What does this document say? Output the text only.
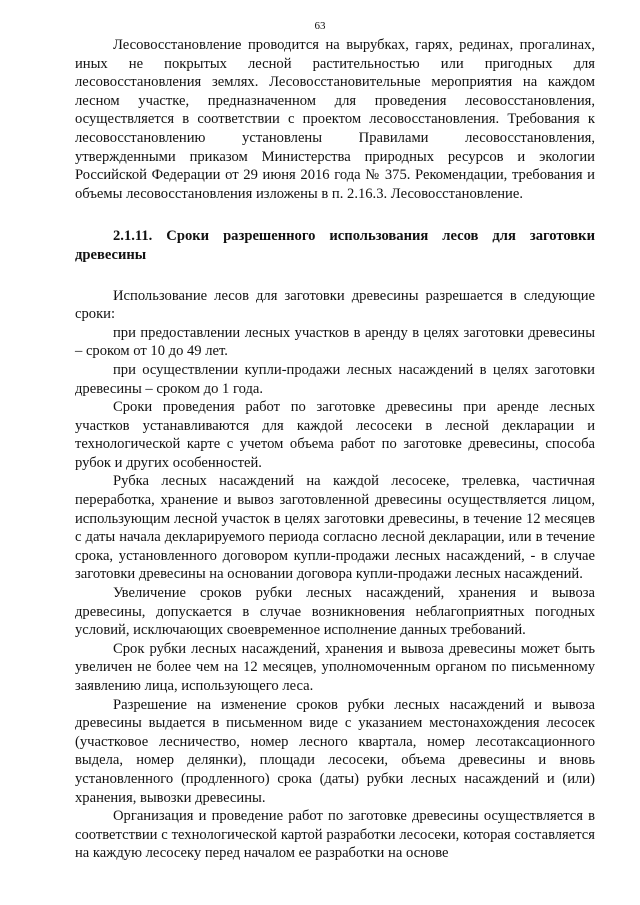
63

Лесовосстановление проводится на вырубках, гарях, рединах, прогалинах, иных не покрытых лесной растительностью или пригодных для лесовосстановления землях. Лесовосстановительные мероприятия на каждом лесном участке, предназначенном для проведения лесовосстановления, осуществляется в соответствии с проектом лесовосстановления. Требования к лесовосстановлению установлены Правилами лесовосстановления, утвержденными приказом Министерства природных ресурсов и экологии Российской Федерации от 29 июня 2016 года № 375. Рекомендации, требования и объемы лесовосстановления изложены в п. 2.16.3. Лесовосстановление.

2.1.11. Сроки разрешенного использования лесов для заготовки древесины

Использование лесов для заготовки древесины разрешается в следующие сроки:

при предоставлении лесных участков в аренду в целях заготовки древесины – сроком от 10 до 49 лет.

при осуществлении купли-продажи лесных насаждений в целях заготовки древесины – сроком до 1 года.

Сроки проведения работ по заготовке древесины при аренде лесных участков устанавливаются для каждой лесосеки в лесной декларации и технологической карте с учетом объема работ по заготовке древесины, способа рубок и других особенностей.

Рубка лесных насаждений на каждой лесосеке, трелевка, частичная переработка, хранение и вывоз заготовленной древесины осуществляется лицом, использующим лесной участок в целях заготовки древесины, в течение 12 месяцев с даты начала декларируемого периода согласно лесной декларации, или в течение срока, установленного договором купли-продажи лесных насаждений, - в случае заготовки древесины на основании договора купли-продажи лесных насаждений.

Увеличение сроков рубки лесных насаждений, хранения и вывоза древесины, допускается в случае возникновения неблагоприятных погодных условий, исключающих своевременное исполнение данных требований.

Срок рубки лесных насаждений, хранения и вывоза древесины может быть увеличен не более чем на 12 месяцев, уполномоченным органом по письменному заявлению лица, использующего леса.

Разрешение на изменение сроков рубки лесных насаждений и вывоза древесины выдается в письменном виде с указанием местонахождения лесосек (участковое лесничество, номер лесного квартала, номер лесотаксационного выдела, номер делянки), площади лесосеки, объема древесины и вновь установленного (продленного) срока (даты) рубки лесных насаждений и (или) хранения, вывозки древесины.

Организация и проведение работ по заготовке древесины осуществляется в соответствии с технологической картой разработки лесосеки, которая составляется на каждую лесосеку перед началом ее разработки на основе
